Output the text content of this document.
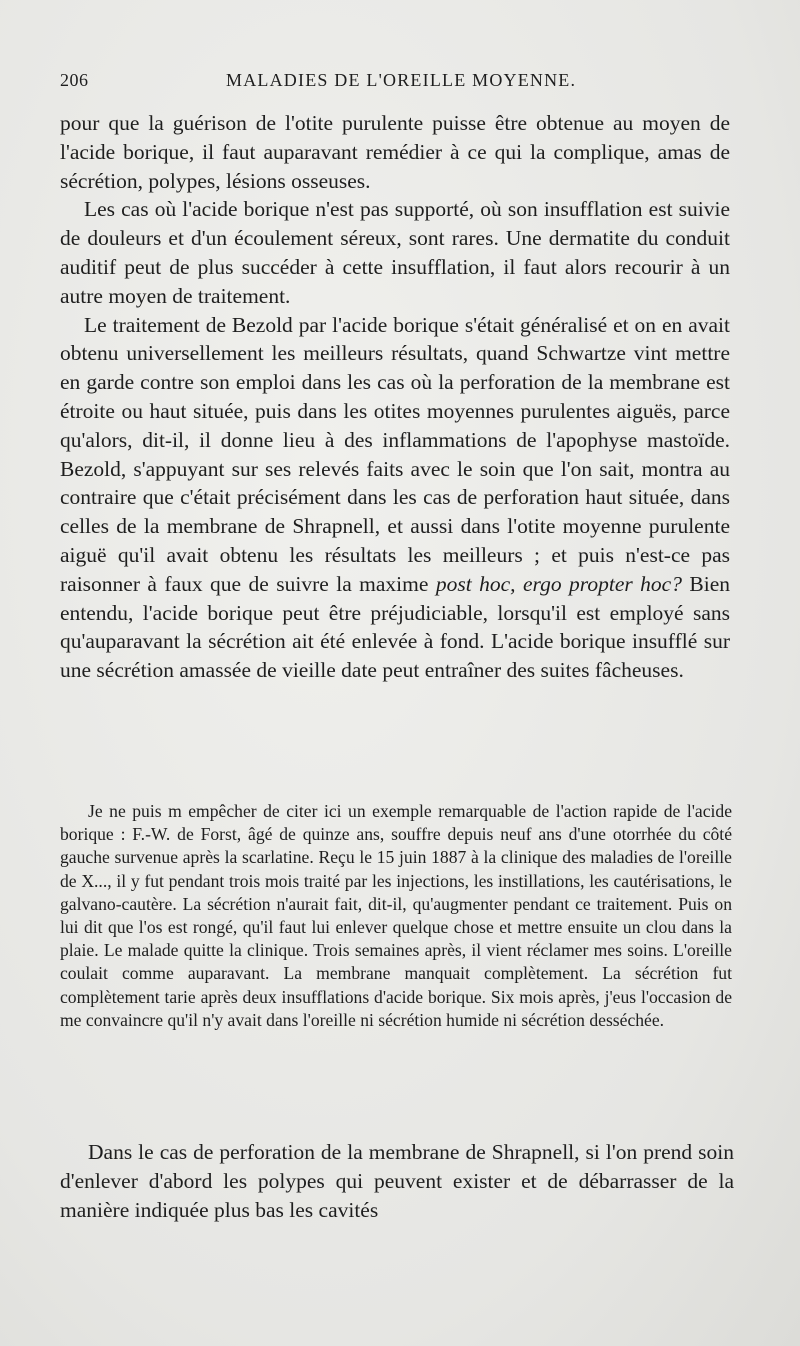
206	MALADIES DE L'OREILLE MOYENNE.

pour que la guérison de l'otite purulente puisse être obtenue au moyen de l'acide borique, il faut auparavant remédier à ce qui la complique, amas de sécrétion, polypes, lésions osseuses.

Les cas où l'acide borique n'est pas supporté, où son insufflation est suivie de douleurs et d'un écoulement séreux, sont rares. Une dermatite du conduit auditif peut de plus succéder à cette insufflation, il faut alors recourir à un autre moyen de traitement.

Le traitement de Bezold par l'acide borique s'était généralisé et on en avait obtenu universellement les meilleurs résultats, quand Schwartze vint mettre en garde contre son emploi dans les cas où la perforation de la membrane est étroite ou haut située, puis dans les otites moyennes purulentes aiguës, parce qu'alors, dit-il, il donne lieu à des inflammations de l'apophyse mastoïde. Bezold, s'appuyant sur ses relevés faits avec le soin que l'on sait, montra au contraire que c'était précisément dans les cas de perforation haut située, dans celles de la membrane de Shrapnell, et aussi dans l'otite moyenne purulente aiguë qu'il avait obtenu les résultats les meilleurs ; et puis n'est-ce pas raisonner à faux que de suivre la maxime post hoc, ergo propter hoc? Bien entendu, l'acide borique peut être préjudiciable, lorsqu'il est employé sans qu'auparavant la sécrétion ait été enlevée à fond. L'acide borique insufflé sur une sécrétion amassée de vieille date peut entraîner des suites fâcheuses.

Je ne puis m empêcher de citer ici un exemple remarquable de l'action rapide de l'acide borique : F.-W. de Forst, âgé de quinze ans, souffre depuis neuf ans d'une otorrhée du côté gauche survenue après la scarlatine. Reçu le 15 juin 1887 à la clinique des maladies de l'oreille de X..., il y fut pendant trois mois traité par les injections, les instillations, les cautérisations, le galvano-cautère. La sécrétion n'aurait fait, dit-il, qu'augmenter pendant ce traitement. Puis on lui dit que l'os est rongé, qu'il faut lui enlever quelque chose et mettre ensuite un clou dans la plaie. Le malade quitte la clinique. Trois semaines après, il vient réclamer mes soins. L'oreille coulait comme auparavant. La membrane manquait complètement. La sécrétion fut complètement tarie après deux insufflations d'acide borique. Six mois après, j'eus l'occasion de me convaincre qu'il n'y avait dans l'oreille ni sécrétion humide ni sécrétion desséchée.

Dans le cas de perforation de la membrane de Shrapnell, si l'on prend soin d'enlever d'abord les polypes qui peuvent exister et de débarrasser de la manière indiquée plus bas les cavités
